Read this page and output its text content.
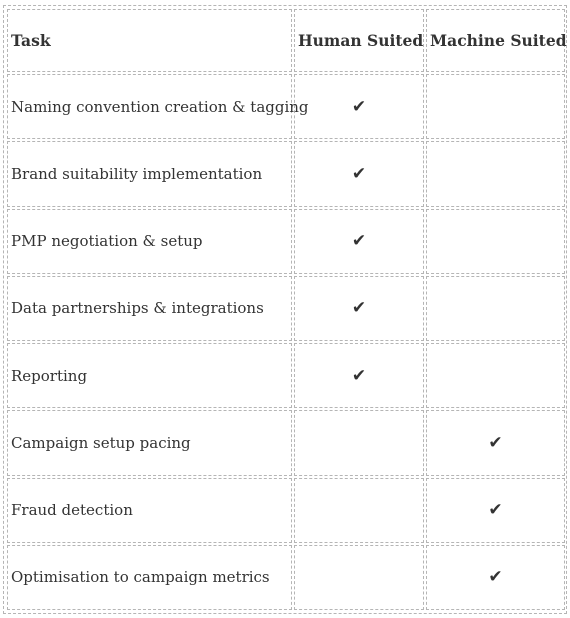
Task	Human Suited	Machine Suited
Naming convention creation & tagging	✔	
Brand suitability implementation	✔	
PMP negotiation & setup	✔	
Data partnerships & integrations	✔	
Reporting	✔	
Campaign setup pacing		✔
Fraud detection		✔
Optimisation to campaign metrics		✔
